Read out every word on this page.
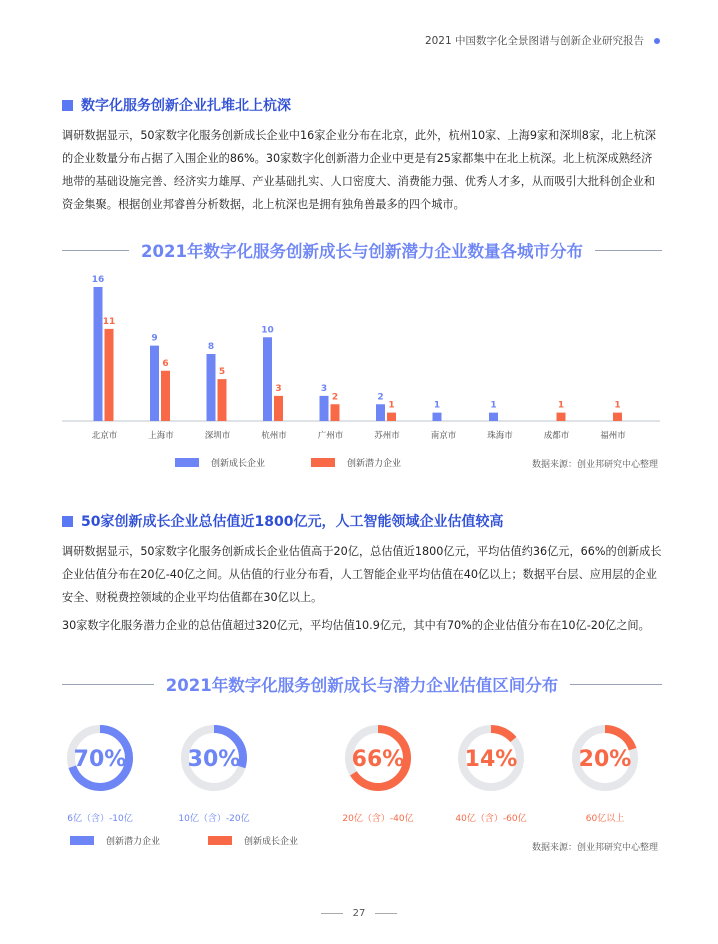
2021 中国数字化全景图谱与创新企业研究报告
数字化服务创新企业扎堆北上杭深

调研数据显示，50家数字化服务创新成长企业中16家企业分布在北京，此外，杭州10家、上海9家和深圳8家，北上杭深的企业数量分布占据了入围企业的86%。30家数字化创新潜力企业中更是有25家都集中在北上杭深。北上杭深成熟经济地带的基础设施完善、经济实力雄厚、产业基础扎实、人口密度大、消费能力强、优秀人才多，从而吸引大批科创企业和资金集聚。根据创业邦睿兽分析数据，北上杭深也是拥有独角兽最多的四个城市。

2021年数字化服务创新成长与创新潜力企业数量各城市分布
16
11
北京市
9
6
上海市
8
5
深圳市
10
3
杭州市
3
2
广州市
2
1
苏州市
1
南京市
1
珠海市
1
成都市
1
福州市
创新成长企业	创新潜力企业	数据来源：创业邦研究中心整理
50家创新成长企业总估值近1800亿元，人工智能领域企业估值较高

调研数据显示，50家数字化服务创新成长企业估值高于20亿，总估值近1800亿元，平均估值约36亿元，66%的创新成长企业估值分布在20亿-40亿之间。从估值的行业分布看，人工智能企业平均估值在40亿以上；数据平台层、应用层的企业安全、财税费控领域的企业平均估值都在30亿以上。

30家数字化服务潜力企业的总估值超过320亿元，平均估值10.9亿元，其中有70%的企业估值分布在10亿-20亿之间。

2021年数字化服务创新成长与潜力企业估值区间分布
70%
6亿（含）-10亿
30%
10亿（含）-20亿
66%
20亿（含）-40亿
14%
40亿（含）-60亿
20%
60亿以上
创新潜力企业	创新成长企业
数据来源：创业邦研究中心整理
27
